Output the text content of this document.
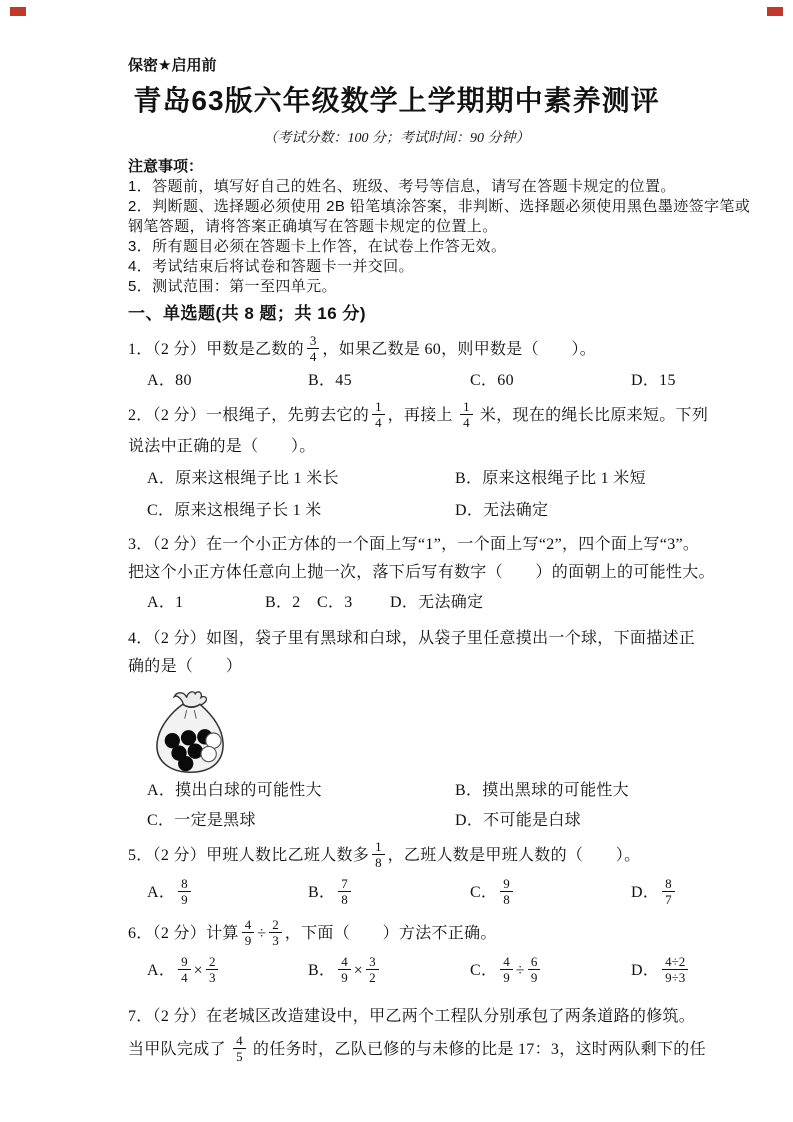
保密★启用前
青岛63版六年级数学上学期期中素养测评
（考试分数：100 分；考试时间：90 分钟）
注意事项：
1．答题前，填写好自己的姓名、班级、考号等信息，请写在答题卡规定的位置。
2．判断题、选择题必须使用 2B 铅笔填涂答案，非判断、选择题必须使用黑色墨迹签字笔或
钢笔答题，请将答案正确填写在答题卡规定的位置上。
3．所有题目必须在答题卡上作答，在试卷上作答无效。
4．考试结束后将试卷和答题卡一并交回。
5．测试范围：第一至四单元。
一、单选题(共 8 题；共 16 分)
1．（2 分）甲数是乙数的 $\frac{3}{4}$ ，如果乙数是 60，则甲数是（　　）。
A．80	B．45	C．60	D．15
2．（2 分）一根绳子，先剪去它的 $\frac{1}{4}$ ，再接上 $\frac{1}{4}$ 米，现在的绳长比原来短。下列
说法中正确的是（　　）。
A．原来这根绳子比 1 米长	B．原来这根绳子比 1 米短
C．原来这根绳子长 1 米	D．无法确定
3．（2 分）在一个小正方体的一个面上写“1”，一个面上写“2”，四个面上写“3”。
把这个小正方体任意向上抛一次，落下后写有数字（　　）的面朝上的可能性大。
A．1	B．2	C．3	D．无法确定
4．（2 分）如图，袋子里有黑球和白球，从袋子里任意摸出一个球，下面描述正
确的是（　　）
A．摸出白球的可能性大	B．摸出黑球的可能性大
C．一定是黑球	D．不可能是白球
5．（2 分）甲班人数比乙班人数多 $\frac{1}{8}$ ，乙班人数是甲班人数的（　　）。
A． $\frac{8}{9}$	B． $\frac{7}{8}$	C． $\frac{9}{8}$	D． $\frac{8}{7}$
6．（2 分）计算 $\frac{4}{9} \div \frac{2}{3}$ ，下面（　　）方法不正确。
A． $\frac{9}{4} \times \frac{2}{3}$	B． $\frac{4}{9} \times \frac{3}{2}$	C． $\frac{4}{9} \div \frac{6}{9}$	D． $\frac{4\div 2}{9\div 3}$
7．（2 分）在老城区改造建设中，甲乙两个工程队分别承包了两条道路的修筑。
当甲队完成了 $\frac{4}{5}$ 的任务时，乙队已修的与未修的比是 17：3，这时两队剩下的任
